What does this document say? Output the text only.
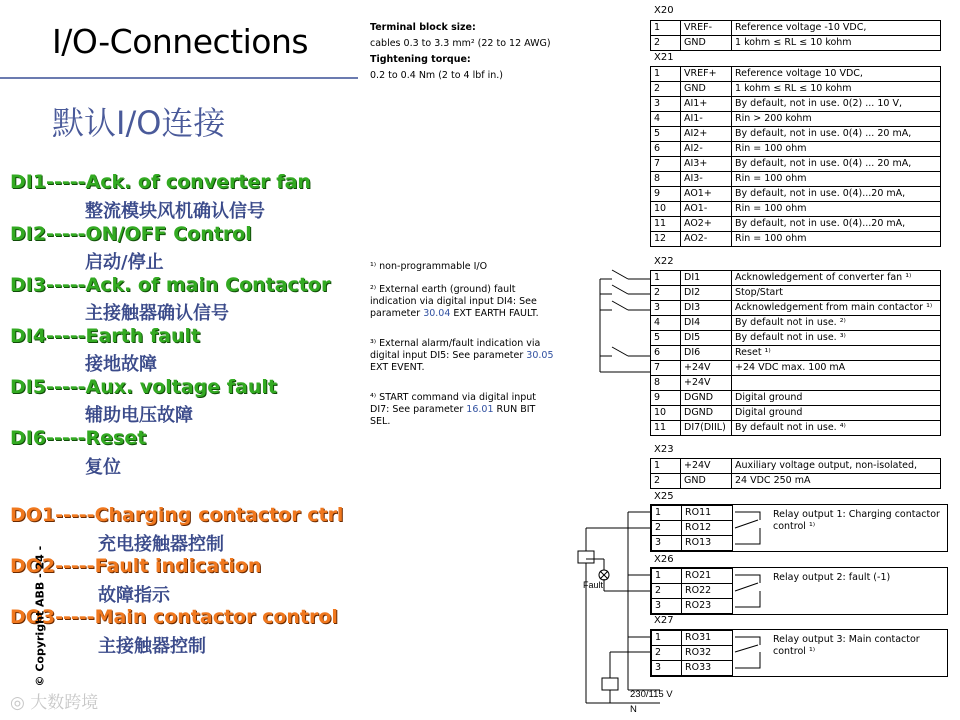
I/O-Connections
默认I/O连接
DI1-----Ack. of converter fan
整流模块风机确认信号
DI2-----ON/OFF Control
启动/停止
DI3-----Ack. of main Contactor
主接触器确认信号
DI4-----Earth fault
接地故障
DI5-----Aux. voltage fault
辅助电压故障
DI6-----Reset
复位
DO1-----Charging contactor ctrl
充电接触器控制
DO2-----Fault indication
故障指示
DO3-----Main contactor control
主接触器控制
© Copyright ABB - 24 -
◎ 大数跨境
Terminal block size:
cables 0.3 to 3.3 mm² (22 to 12 AWG)
Tightening torque:
0.2 to 0.4 Nm (2 to 4 lbf in.)
¹⁾ non-programmable I/O
²⁾ External earth (ground) fault
indication via digital input DI4: See
parameter 30.04 EXT EARTH FAULT.
³⁾ External alarm/fault indication via
digital input DI5: See parameter 30.05
EXT EVENT.
⁴⁾ START command via digital input
DI7: See parameter 16.01 RUN BIT
SEL.
X20
1	VREF-	Reference voltage -10 VDC,
2	GND	1 kohm ≤ RL ≤ 10 kohm
X21
1	VREF+	Reference voltage 10 VDC,
2	GND	1 kohm ≤ RL ≤ 10 kohm
3	AI1+	By default, not in use. 0(2) ... 10 V,
4	AI1-	Rin > 200 kohm
5	AI2+	By default, not in use. 0(4) ... 20 mA,
6	AI2-	Rin = 100 ohm
7	AI3+	By default, not in use. 0(4) ... 20 mA,
8	AI3-	Rin = 100 ohm
9	AO1+	By default, not in use. 0(4)...20 mA,
10	AO1-	Rin = 100 ohm
11	AO2+	By default, not in use. 0(4)...20 mA,
12	AO2-	Rin = 100 ohm
X22
1	DI1	Acknowledgement of converter fan ¹⁾
2	DI2	Stop/Start
3	DI3	Acknowledgement from main contactor ¹⁾
4	DI4	By default not in use. ²⁾
5	DI5	By default not in use. ³⁾
6	DI6	Reset ¹⁾
7	+24V	+24 VDC max. 100 mA
8	+24V	
9	DGND	Digital ground
10	DGND	Digital ground
11	DI7(DIIL)	By default not in use. ⁴⁾
X23
1	+24V	Auxiliary voltage output, non-isolated,
2	GND	24 VDC 250 mA
X25
1	RO11
2	RO12
3	RO13
Relay output 1: Charging contactor control ¹⁾
X26
1	RO21
2	RO22
3	RO23
Relay output 2: fault (-1)
X27
1	RO31
2	RO32
3	RO33
Relay output 3: Main contactor control ¹⁾
Fault
230/115 V
N
